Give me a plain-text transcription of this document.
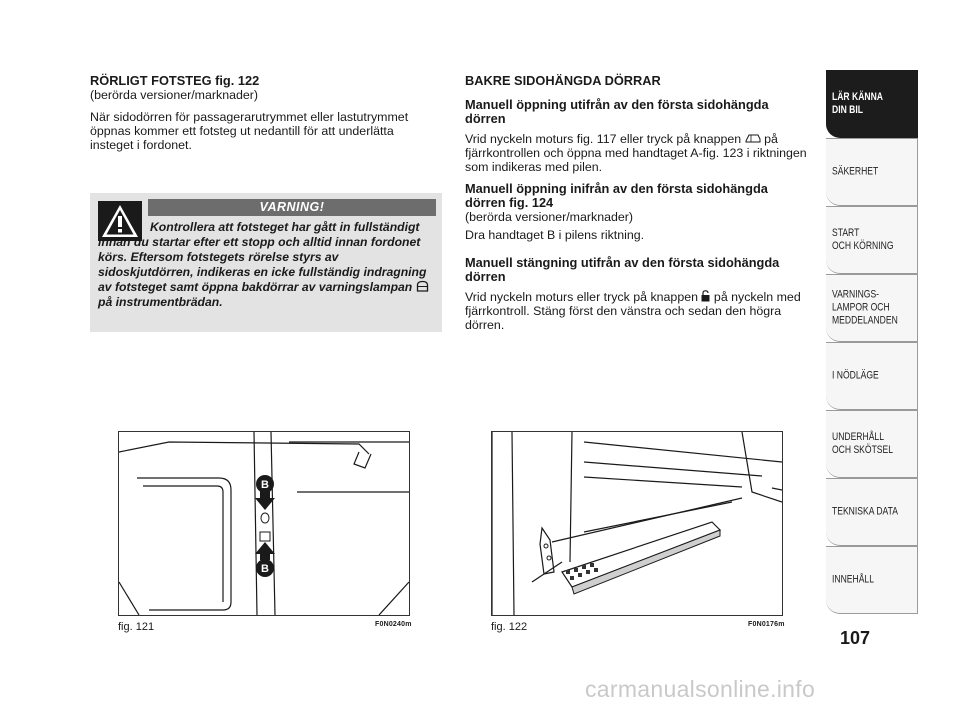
RÖRLIGT FOTSTEG fig. 122

(berörda versioner/marknader)

När sidodörren för passagerarutrymmet eller lastutrymmet öppnas kommer ett fotsteg ut nedantill för att underlätta insteget i fordonet.

VARNING!
Kontrollera att fotsteget har gått in fullständigt innan du startar efter ett stopp och alltid innan fordonet körs. Eftersom fotstegets rörelse styrs av sidoskjutdörren, indikeras en icke fullständig indragning av fotsteget samt öppna bakdörrar av varningslampan  på instrumentbrädan.

BAKRE SIDOHÄNGDA DÖRRAR

Manuell öppning utifrån av den första sidohängda dörren

Vrid nyckeln moturs fig. 117 eller tryck på knappen på fjärrkontrollen och öppna med handtaget A-fig. 123 i riktningen som indikeras med pilen.

Manuell öppning inifrån av den första sidohängda dörren fig. 124

(berörda versioner/marknader)

Dra handtaget B i pilens riktning.

Manuell stängning utifrån av den första sidohängda dörren

Vrid nyckeln moturs eller tryck på knappen på nyckeln med fjärrkontroll. Stäng först den vänstra och sedan den högra dörren.

B
B
fig. 121	F0N0240m	fig. 122	F0N0176m
LÄR KÄNNA
DIN BIL
SÄKERHET
START
OCH KÖRNING
VARNINGS-
LAMPOR OCH
MEDDELANDEN
I NÖDLÄGE
UNDERHÅLL
OCH SKÖTSEL
TEKNISKA DATA
INNEHÅLL
107
carmanualsonline.info
